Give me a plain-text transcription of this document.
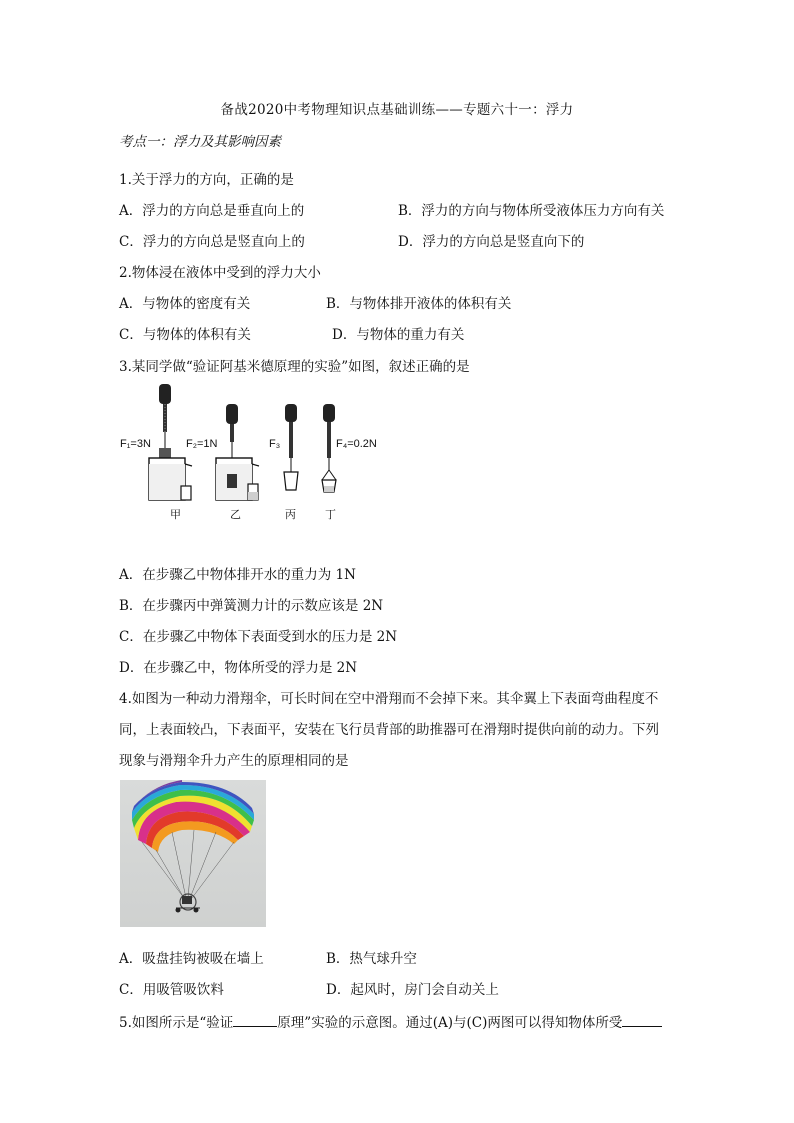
备战2020中考物理知识点基础训练——专题六十一：浮力
考点一：浮力及其影响因素
1.关于浮力的方向，正确的是
A．浮力的方向总是垂直向上的	B．浮力的方向与物体所受液体压力方向有关
C．浮力的方向总是竖直向上的	D．浮力的方向总是竖直向下的
2.物体浸在液体中受到的浮力大小
A．与物体的密度有关	B．与物体排开液体的体积有关
C．与物体的体积有关	D．与物体的重力有关
3.某同学做“验证阿基米德原理的实验”如图，叙述正确的是
F₁=3N
甲
F₂=1N
乙
F₃
丙
F₄=0.2N
丁
A．在步骤乙中物体排开水的重力为 1N
B．在步骤丙中弹簧测力计的示数应该是 2N
C．在步骤乙中物体下表面受到水的压力是 2N
D．在步骤乙中，物体所受的浮力是 2N
4.如图为一种动力滑翔伞，可长时间在空中滑翔而不会掉下来。其伞翼上下表面弯曲程度不
同，上表面较凸，下表面平，安装在飞行员背部的助推器可在滑翔时提供向前的动力。下列
现象与滑翔伞升力产生的原理相同的是
A．吸盘挂钩被吸在墙上	B．热气球升空
C．用吸管吸饮料	D．起风时，房门会自动关上
5.如图所示是“验证	原理”实验的示意图。通过(A)与(C)两图可以得知物体所受
